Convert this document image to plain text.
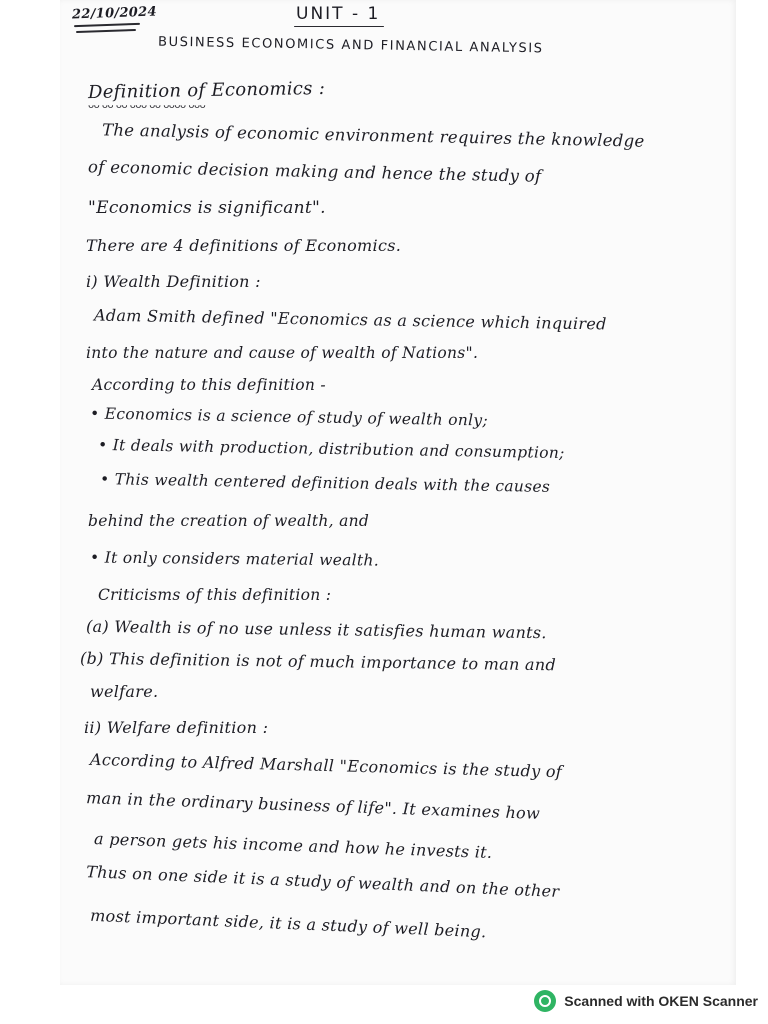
22/10/2024	UNIT - 1
BUSINESS ECONOMICS AND FINANCIAL ANALYSIS
Definition of Economics :
ᴗᴗ ᴗᴗ ᴗᴗ ᴗᴗᴗ ᴗᴗ ᴗᴗᴗᴗ ᴗᴗᴗ
The analysis of economic environment requires the knowledge
of economic decision making and hence the study of
"Economics is significant".
There are 4 definitions of Economics.
i) Wealth Definition :
Adam Smith defined "Economics as a science which inquired
into the nature and cause of wealth of Nations".
According to this definition -
• Economics is a science of study of wealth only;
• It deals with production, distribution and consumption;
• This wealth centered definition deals with the causes
behind the creation of wealth, and
• It only considers material wealth.
Criticisms of this definition :
(a) Wealth is of no use unless it satisfies human wants.
(b) This definition is not of much importance to man and
welfare.
ii) Welfare definition :
According to Alfred Marshall "Economics is the study of
man in the ordinary business of life". It examines how
a person gets his income and how he invests it.
Thus on one side it is a study of wealth and on the other
most important side, it is a study of well being.
Scanned with OKEN Scanner
